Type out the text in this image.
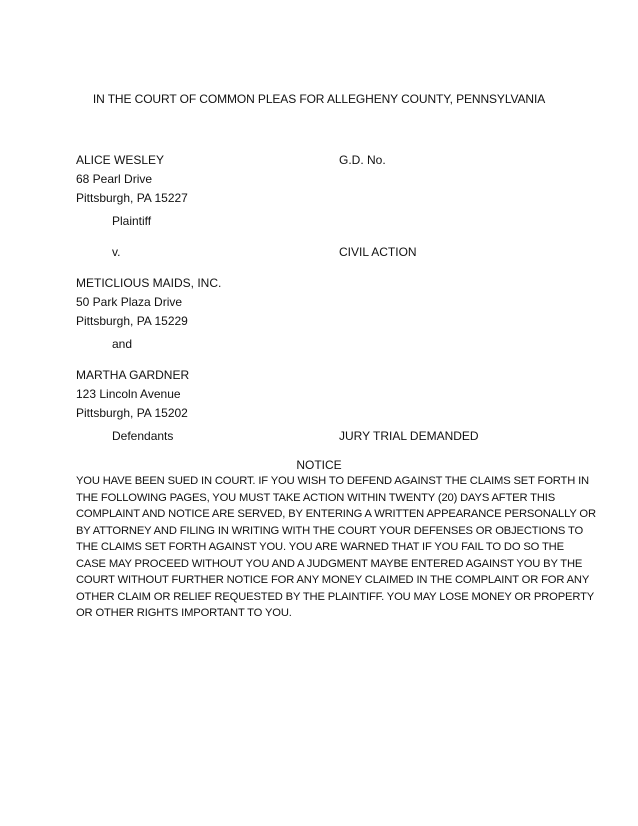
IN THE COURT OF COMMON PLEAS FOR ALLEGHENY COUNTY, PENNSYLVANIA
ALICE WESLEY
68 Pearl Drive
Pittsburgh, PA 15227
G.D. No.
Plaintiff
v.	CIVIL ACTION
METICLIOUS MAIDS, INC.
50 Park Plaza Drive
Pittsburgh, PA 15229
and
MARTHA GARDNER
123 Lincoln Avenue
Pittsburgh, PA 15202
Defendants	JURY TRIAL DEMANDED
NOTICE
YOU HAVE BEEN SUED IN COURT. IF YOU WISH TO DEFEND AGAINST THE CLAIMS SET FORTH IN
THE FOLLOWING PAGES, YOU MUST TAKE ACTION WITHIN TWENTY (20) DAYS AFTER THIS
COMPLAINT AND NOTICE ARE SERVED, BY ENTERING A WRITTEN APPEARANCE PERSONALLY OR
BY ATTORNEY AND FILING IN WRITING WITH THE COURT YOUR DEFENSES OR OBJECTIONS TO
THE CLAIMS SET FORTH AGAINST YOU. YOU ARE WARNED THAT IF YOU FAIL TO DO SO THE
CASE MAY PROCEED WITHOUT YOU AND A JUDGMENT MAYBE ENTERED AGAINST YOU BY THE
COURT WITHOUT FURTHER NOTICE FOR ANY MONEY CLAIMED IN THE COMPLAINT OR FOR ANY
OTHER CLAIM OR RELIEF REQUESTED BY THE PLAINTIFF. YOU MAY LOSE MONEY OR PROPERTY
OR OTHER RIGHTS IMPORTANT TO YOU.
